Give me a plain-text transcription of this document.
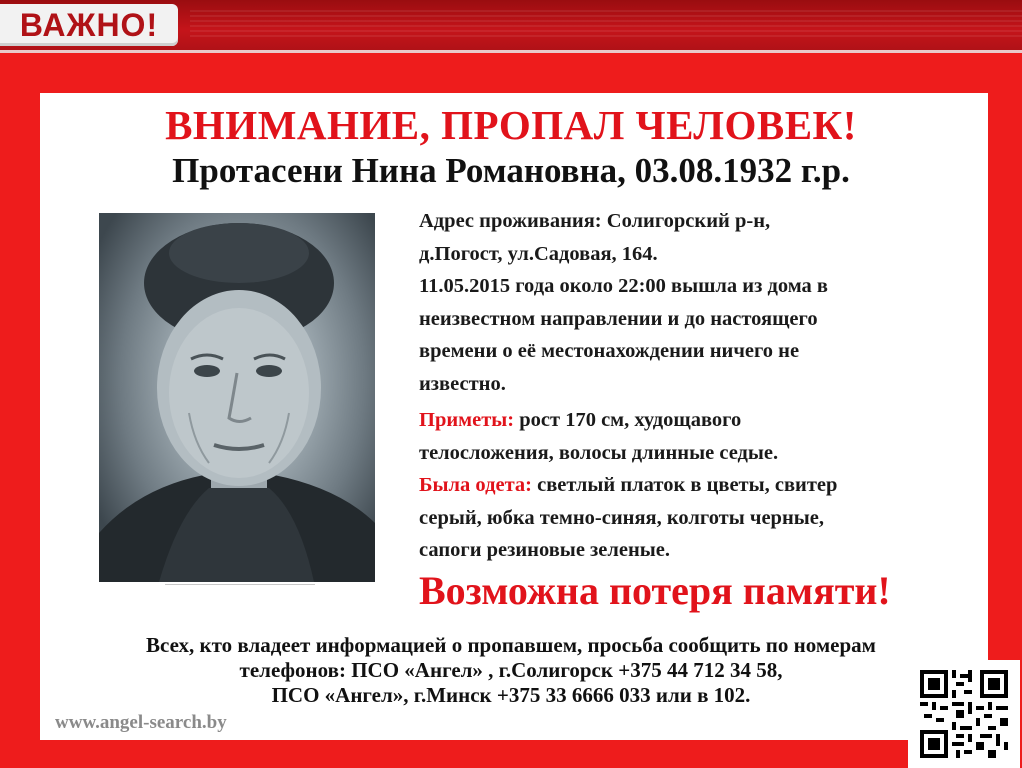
ВАЖНО!
ВНИМАНИЕ, ПРОПАЛ ЧЕЛОВЕК!
Протасени Нина Романовна, 03.08.1932 г.р.

Адрес проживания: Солигорский р-н,

д.Погост, ул.Садовая, 164.

11.05.2015 года около 22:00 вышла из дома в

неизвестном направлении и до настоящего

времени о её местонахождении ничего не

известно.

Приметы: рост 170 см, худощавого

телосложения, волосы длинные седые.

Была одета: светлый платок в цветы, свитер

серый, юбка темно-синяя, колготы черные,

сапоги резиновые зеленые.

Возможна потеря памяти!

Всех, кто владеет информацией о пропавшем, просьба сообщить по номерам

телефонов: ПСО «Ангел» , г.Солигорск +375 44 712 34 58,

ПСО «Ангел», г.Минск +375 33 6666 033 или в 102.

www.angel-search.by
